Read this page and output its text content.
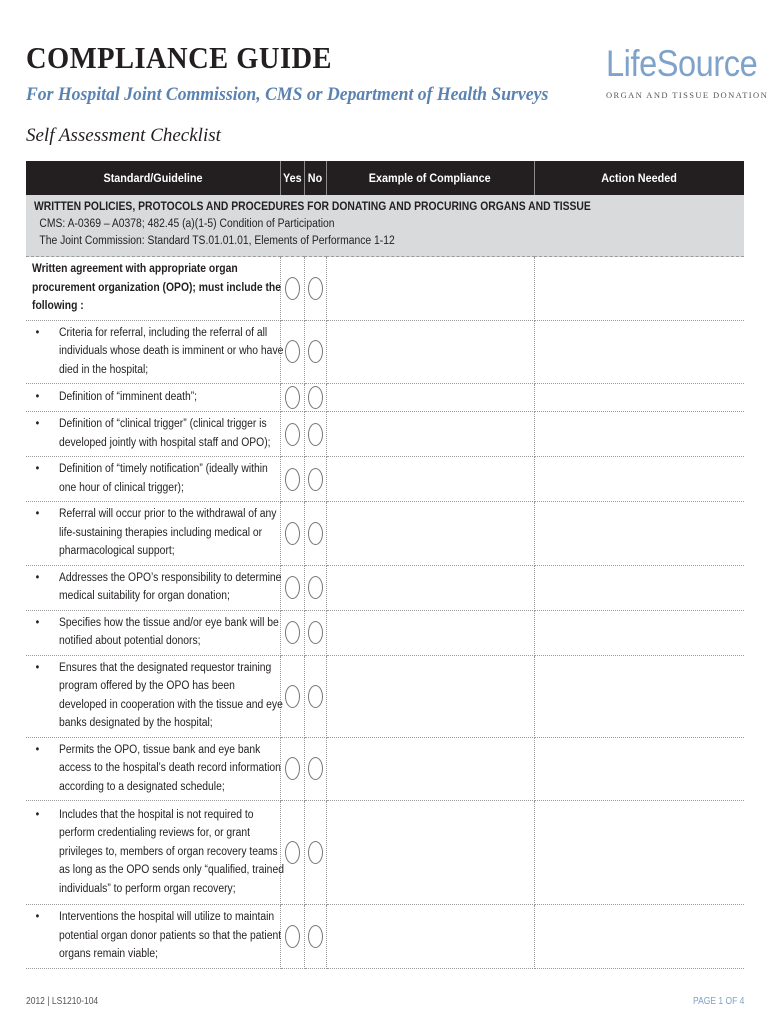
COMPLIANCE GUIDE
For Hospital Joint Commission, CMS or Department of Health Surveys
Self Assessment Checklist
LifeSource
ORGAN AND TISSUE DONATION
Standard/Guideline	Yes	No	Example of Compliance	Action Needed

WRITTEN POLICIES, PROTOCOLS AND PROCEDURES FOR DONATING AND PROCURING ORGANS AND TISSUE
CMS: A-0369 – A0378; 482.45 (a)(1-5) Condition of Participation
The Joint Commission: Standard TS.01.01.01, Elements of Performance 1-12				

Written agreement with appropriate organ procurement organization (OPO); must include the following :				

• Criteria for referral, including the referral of all individuals whose death is imminent or who have died in the hospital;				

• Definition of “imminent death”;				

• Definition of “clinical trigger” (clinical trigger is developed jointly with hospital staff and OPO);				

• Definition of “timely notification” (ideally within one hour of clinical trigger);				

• Referral will occur prior to the withdrawal of any life-sustaining therapies including medical or pharmacological support;				

• Addresses the OPO’s responsibility to determine medical suitability for organ donation;				

• Specifies how the tissue and/or eye bank will be notified about potential donors;				

• Ensures that the designated requestor training program offered by the OPO has been developed in cooperation with the tissue and eye banks designated by the hospital;				

• Permits the OPO, tissue bank and eye bank access to the hospital’s death record information according to a designated schedule;				

• Includes that the hospital is not required to perform credentialing reviews for, or grant privileges to, members of organ recovery teams as long as the OPO sends only “qualified, trained individuals” to perform organ recovery;				

• Interventions the hospital will utilize to maintain potential organ donor patients so that the patient organs remain viable;				

2012 | LS1210-104	PAGE 1 OF 4
